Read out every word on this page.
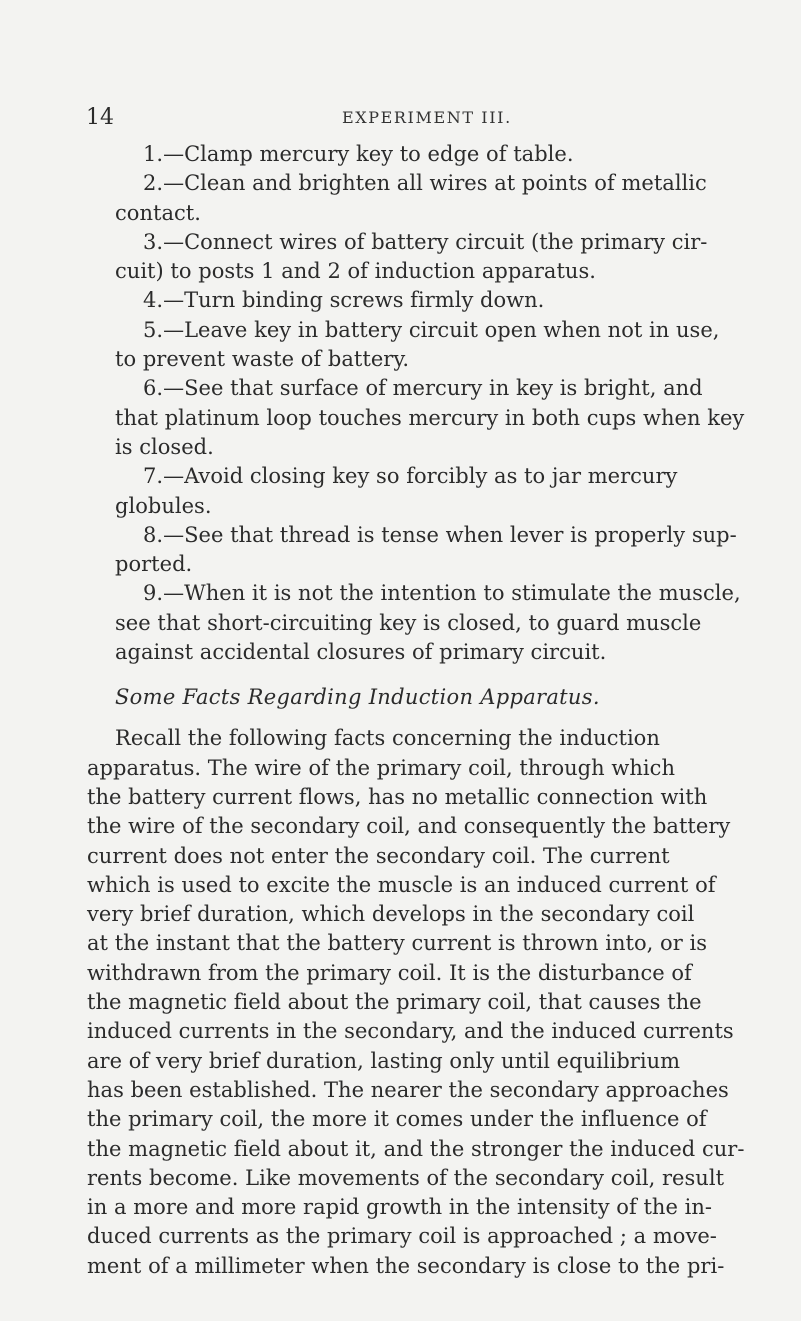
14	EXPERIMENT III.

1.—Clamp mercury key to edge of table.

2.—Clean and brighten all wires at points of metallic
contact.

3.—Connect wires of battery circuit (the primary cir-
cuit) to posts 1 and 2 of induction apparatus.

4.—Turn binding screws firmly down.

5.—Leave key in battery circuit open when not in use,
to prevent waste of battery.

6.—See that surface of mercury in key is bright, and
that platinum loop touches mercury in both cups when key
is closed.

7.—Avoid closing key so forcibly as to jar mercury
globules.

8.—See that thread is tense when lever is properly sup-
ported.

9.—When it is not the intention to stimulate the muscle,
see that short-circuiting key is closed, to guard muscle
against accidental closures of primary circuit.

Some Facts Regarding Induction Apparatus.
Recall the following facts concerning the induction
apparatus. The wire of the primary coil, through which
the battery current flows, has no metallic connection with
the wire of the secondary coil, and consequently the battery
current does not enter the secondary coil. The current
which is used to excite the muscle is an induced current of
very brief duration, which develops in the secondary coil
at the instant that the battery current is thrown into, or is
withdrawn from the primary coil. It is the disturbance of
the magnetic field about the primary coil, that causes the
induced currents in the secondary, and the induced currents
are of very brief duration, lasting only until equilibrium
has been established. The nearer the secondary approaches
the primary coil, the more it comes under the influence of
the magnetic field about it, and the stronger the induced cur-
rents become. Like movements of the secondary coil, result
in a more and more rapid growth in the intensity of the in-
duced currents as the primary coil is approached ; a move-
ment of a millimeter when the secondary is close to the pri-
